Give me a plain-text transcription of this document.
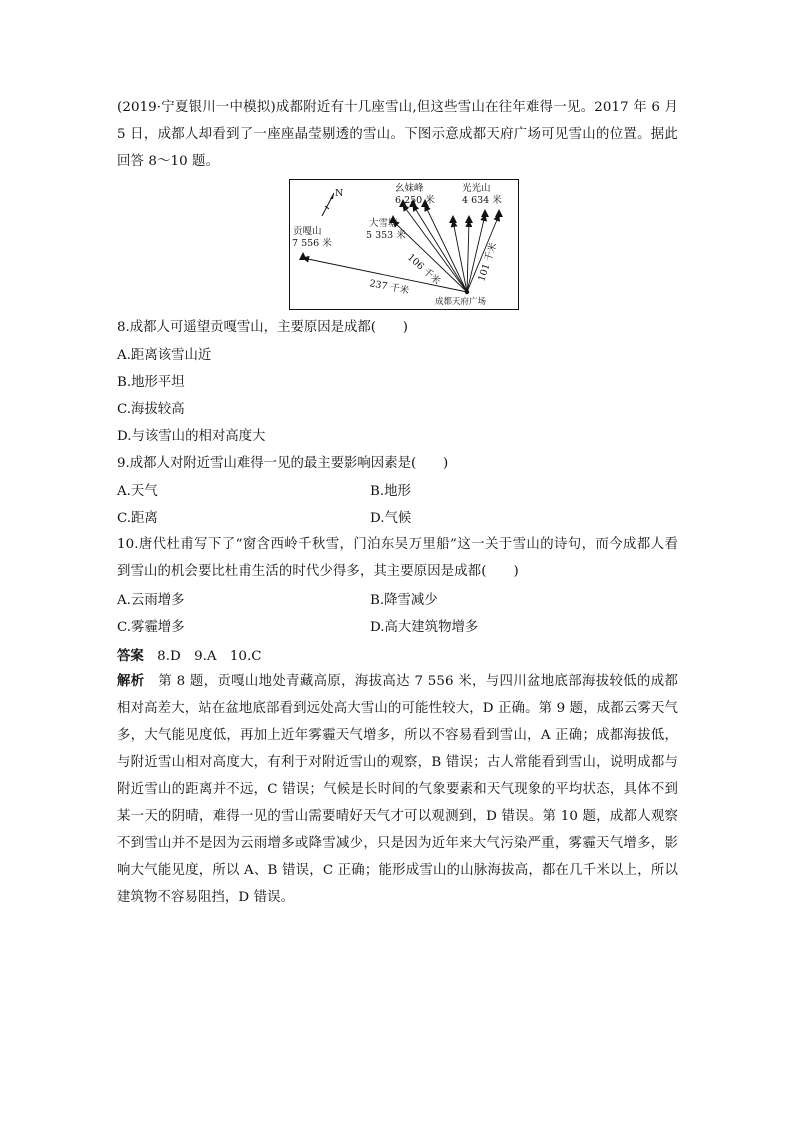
(2019·宁夏银川一中模拟)成都附近有十几座雪山,但这些雪山在往年难得一见。2017 年 6 月 5 日，成都人却看到了一座座晶莹剔透的雪山。下图示意成都天府广场可见雪山的位置。据此回答 8～10 题。
N
贡嘎山
7 556 米
大雪塘
5 353 米
幺妹峰
6 250 米
光光山
4 634 米
237 千米
106 千米	101 千米
成都天府广场
8.成都人可遥望贡嘎雪山，主要原因是成都(　　)
A.距离该雪山近
B.地形平坦
C.海拔较高
D.与该雪山的相对高度大
9.成都人对附近雪山难得一见的最主要影响因素是(　　)
A.天气	B.地形
C.距离	D.气候
10.唐代杜甫写下了“窗含西岭千秋雪，门泊东吴万里船”这一关于雪山的诗句，而今成都人看到雪山的机会要比杜甫生活的时代少得多，其主要原因是成都(　　)
A.云雨增多	B.降雪减少
C.雾霾增多	D.高大建筑物增多
答案　 8.D　9.A　10.C
解析　 第 8 题，贡嘎山地处青藏高原，海拔高达 7 556 米，与四川盆地底部海拔较低的成都相对高差大，站在盆地底部看到远处高大雪山的可能性较大，D 正确。第 9 题，成都云雾天气多，大气能见度低，再加上近年雾霾天气增多，所以不容易看到雪山，A 正确；成都海拔低，与附近雪山相对高度大，有利于对附近雪山的观察，B 错误；古人常能看到雪山，说明成都与附近雪山的距离并不远，C 错误；气候是长时间的气象要素和天气现象的平均状态，具体不到某一天的阴晴，难得一见的雪山需要晴好天气才可以观测到，D 错误。第 10 题，成都人观察不到雪山并不是因为云雨增多或降雪减少，只是因为近年来大气污染严重，雾霾天气增多，影响大气能见度，所以 A、B 错误，C 正确；能形成雪山的山脉海拔高，都在几千米以上，所以建筑物不容易阻挡，D 错误。
